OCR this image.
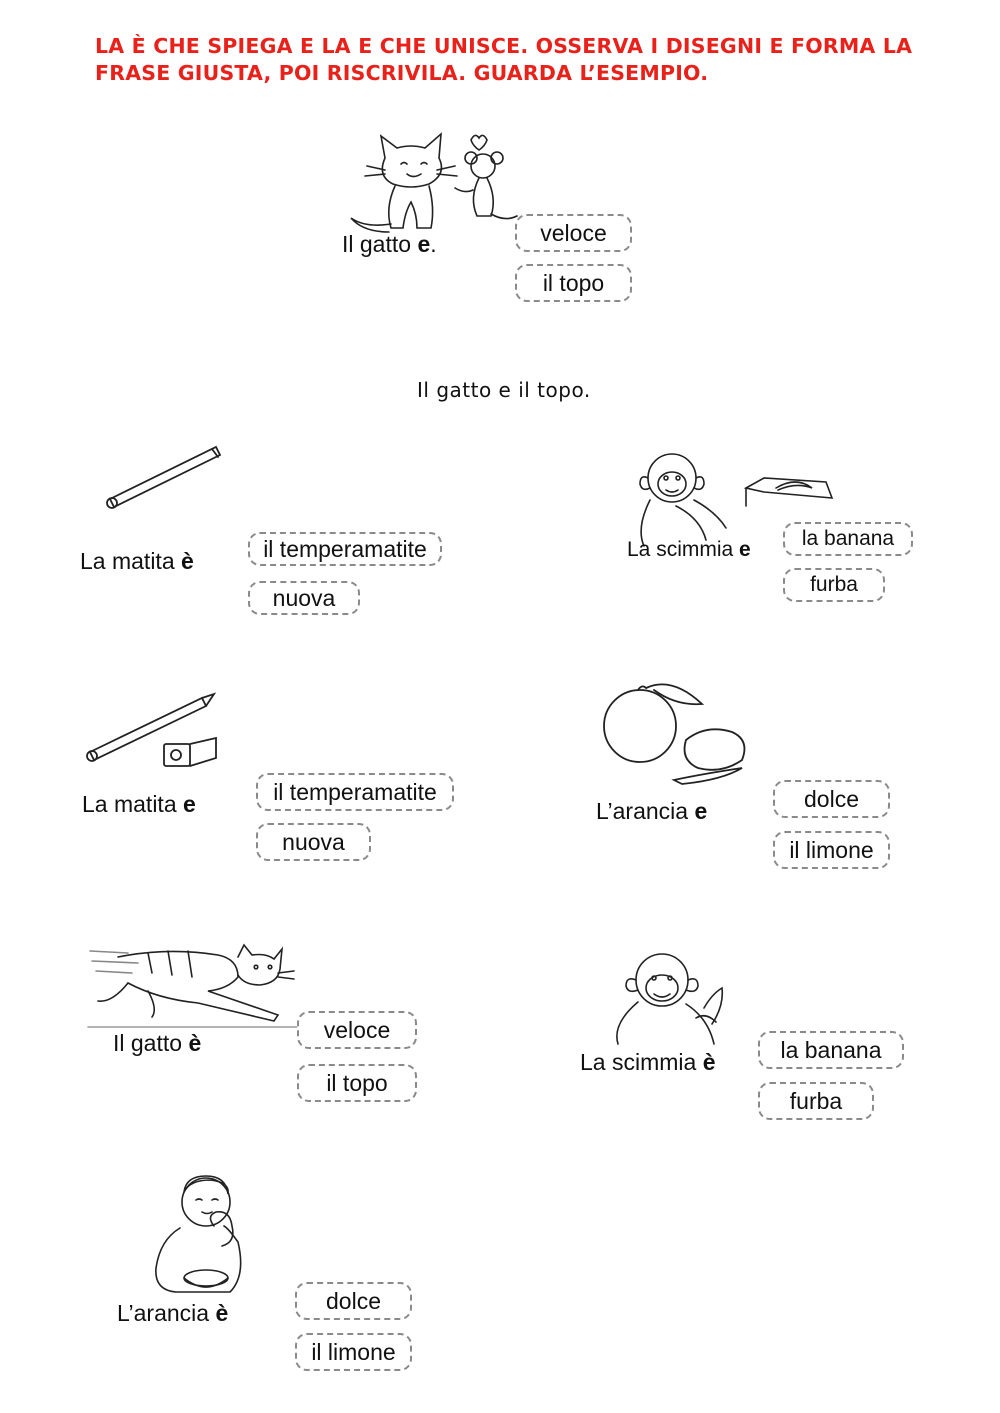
LA È CHE SPIEGA E LA E CHE UNISCE. OSSERVA I DISEGNI E FORMA LA FRASE GIUSTA, POI RISCRIVILA. GUARDA L’ESEMPIO.

Il gatto e.	veloce
il topo
Il gatto e il topo.
La matita è	il temperamatite
nuova
La scimmia e	la banana
furba
La matita e	il temperamatite
nuova
L’arancia e	dolce
il limone
Il gatto è
veloce
il topo
La scimmia è	la banana
furba
L’arancia è	dolce
il limone
